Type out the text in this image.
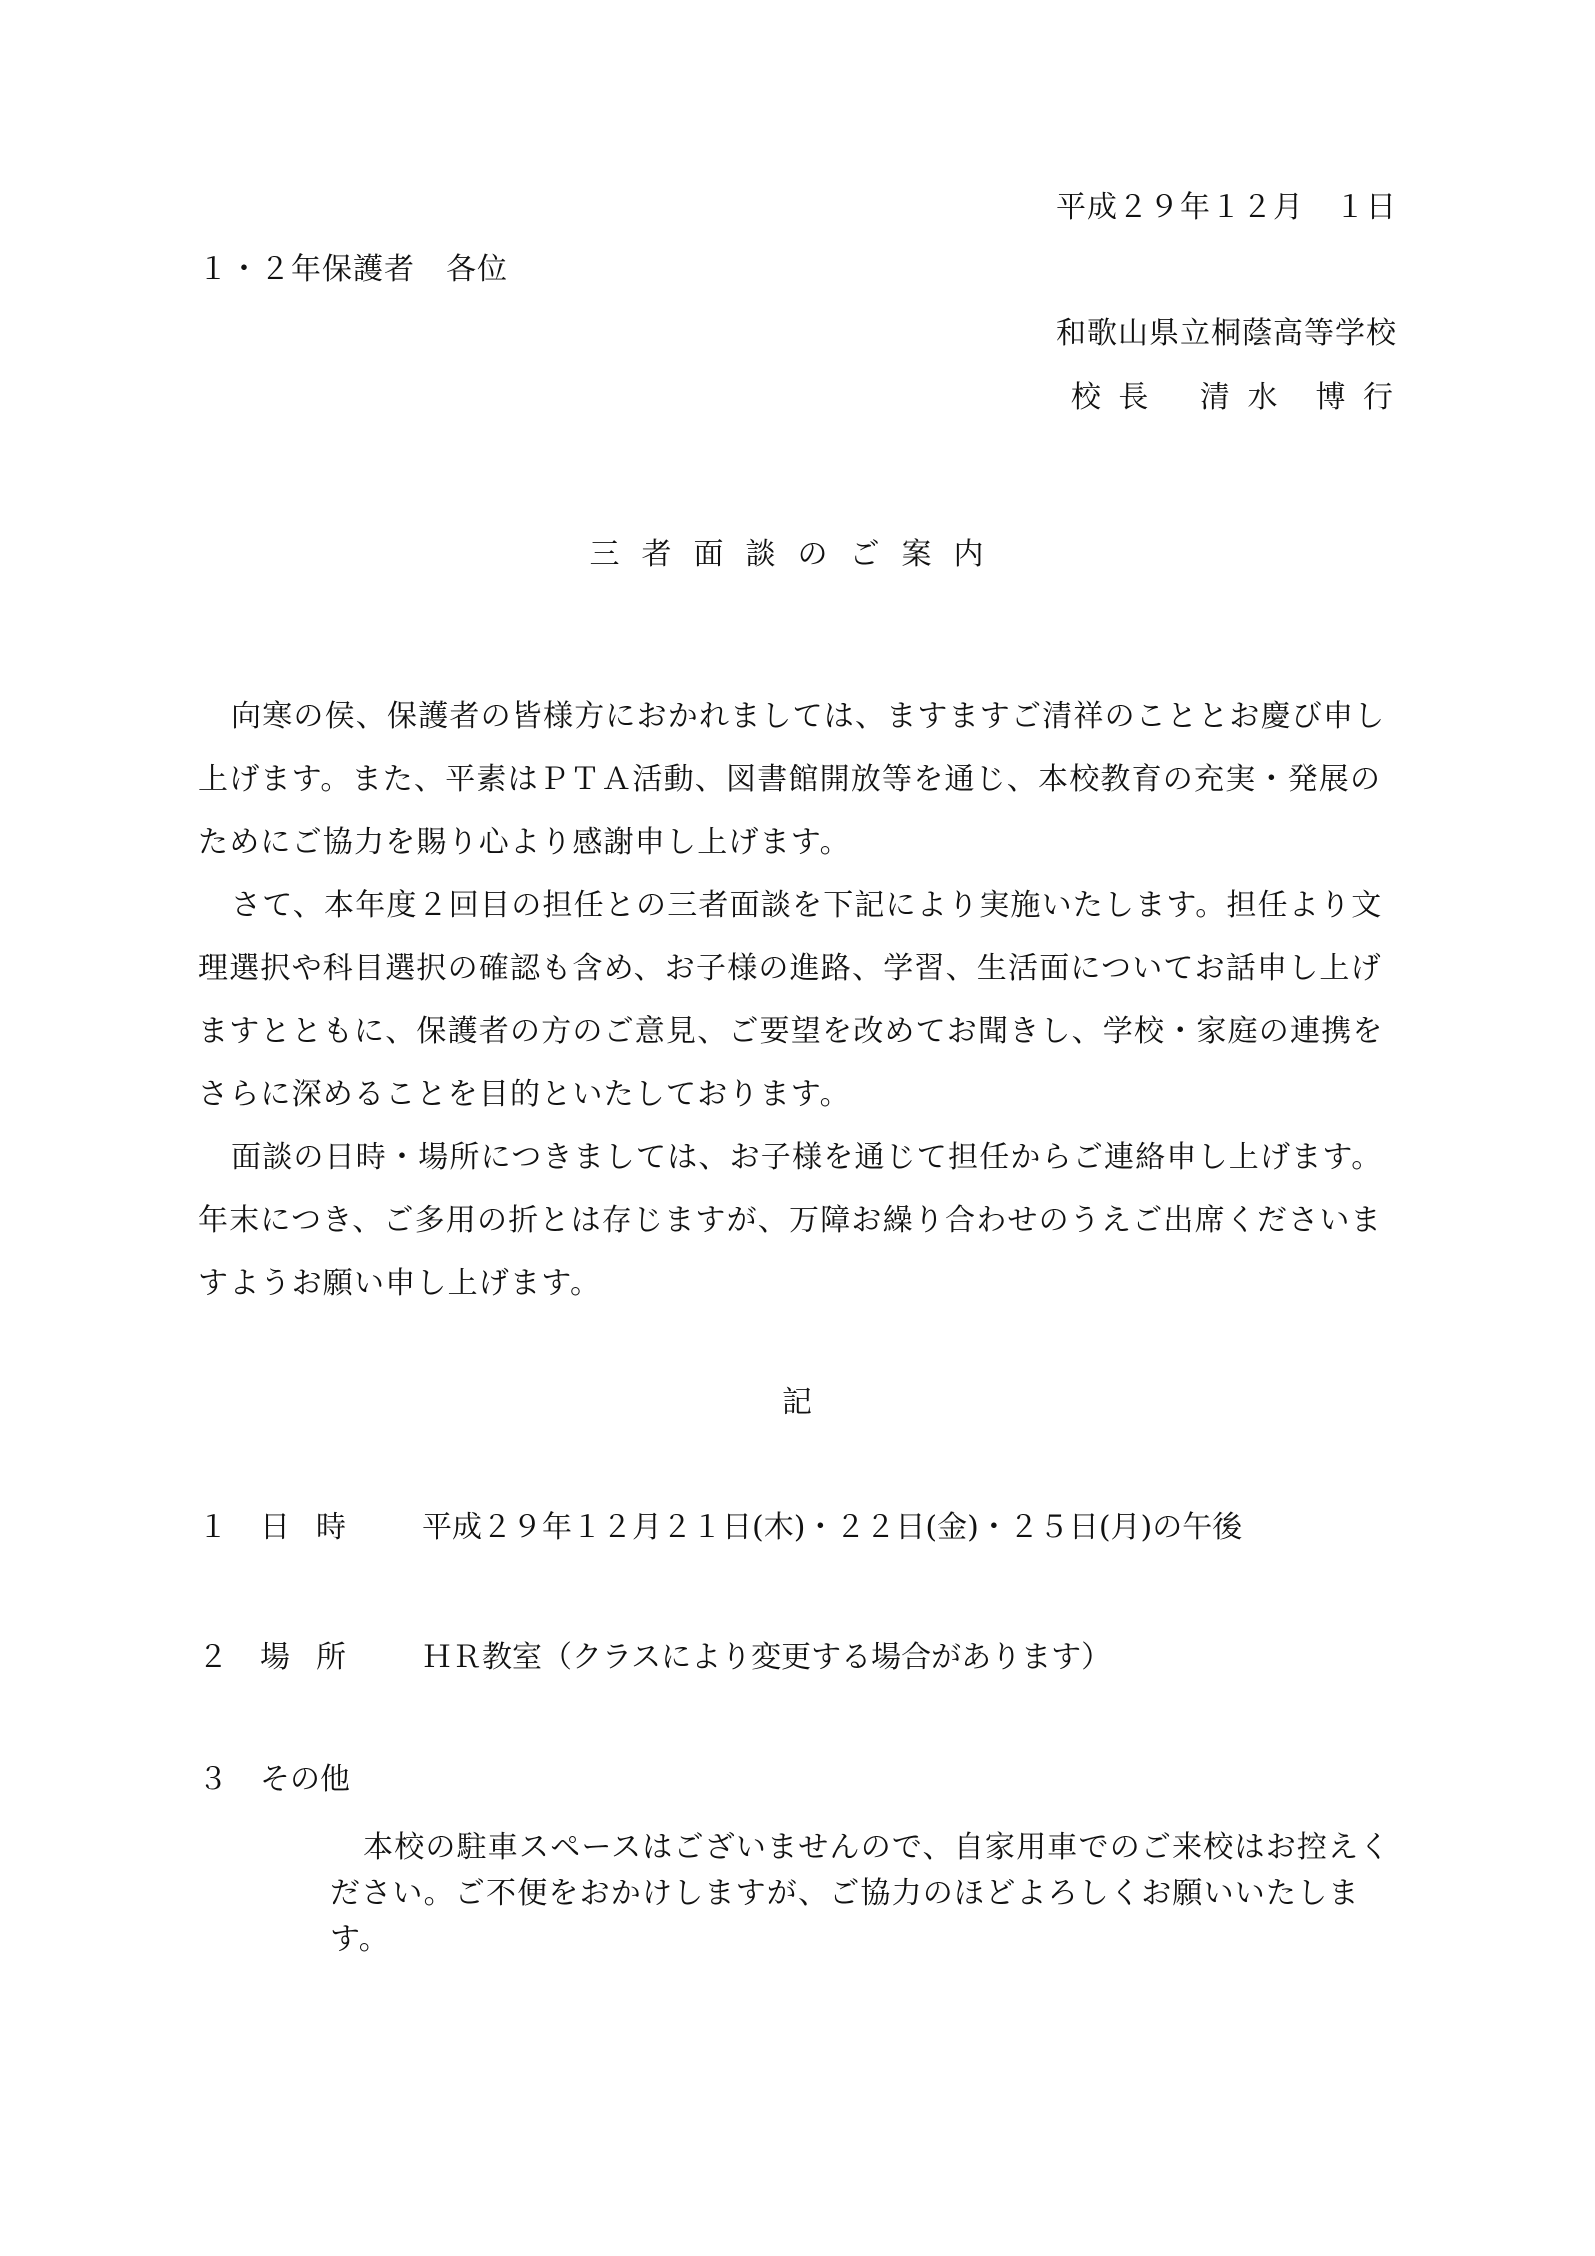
平成２９年１２月　１日
１・２年保護者　各位
和歌山県立桐蔭高等学校
校 長　 清 水　博 行
三者面談のご案内
向寒の侯、保護者の皆様方におかれましては、ますますご清祥のこととお慶び申し上げます。また、平素はＰＴＡ活動、図書館開放等を通じ、本校教育の充実・発展のためにご協力を賜り心より感謝申し上げます。
さて、本年度２回目の担任との三者面談を下記により実施いたします。担任より文理選択や科目選択の確認も含め、お子様の進路、学習、生活面についてお話申し上げますとともに、保護者の方のご意見、ご要望を改めてお聞きし、学校・家庭の連携をさらに深めることを目的といたしております。
面談の日時・場所につきましては、お子様を通じて担任からご連絡申し上げます。年末につき、ご多用の折とは存じますが、万障お繰り合わせのうえご出席くださいますようお願い申し上げます。
記
１ 日時 平成２９年１２月２１日(木)・２２日(金)・２５日(月)の午後
２ 場所 ＨＲ教室（クラスにより変更する場合があります）
３ その他
本校の駐車スペースはございませんので、自家用車でのご来校はお控えください。ご不便をおかけしますが、ご協力のほどよろしくお願いいたします。
